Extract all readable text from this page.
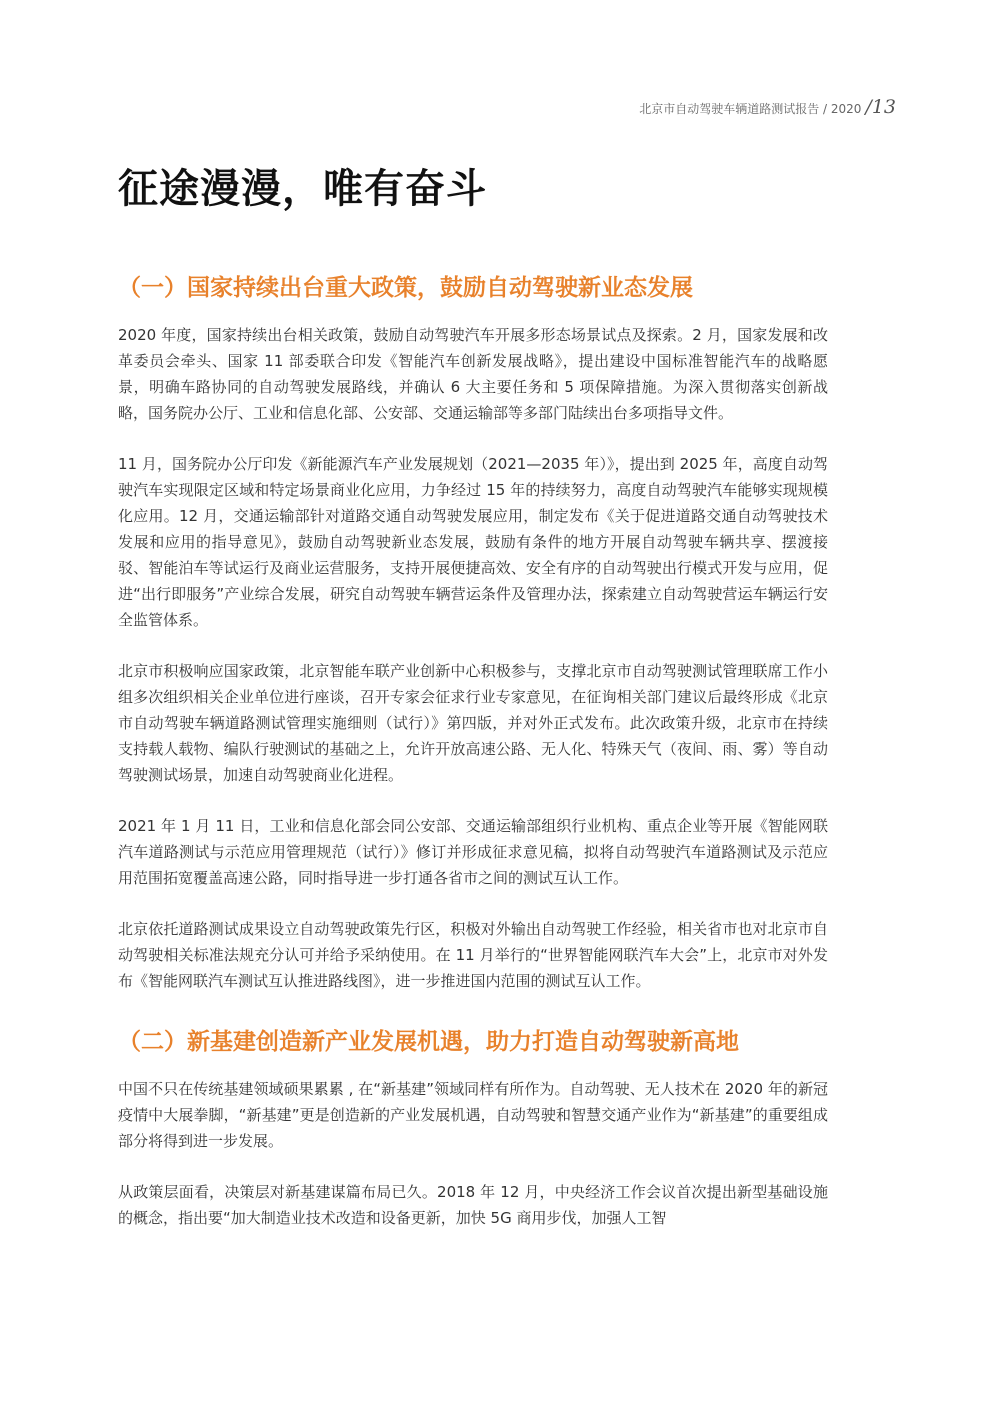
北京市自动驾驶车辆道路测试报告 / 2020 /13
征途漫漫，唯有奋斗
（一）国家持续出台重大政策，鼓励自动驾驶新业态发展

2020 年度，国家持续出台相关政策，鼓励自动驾驶汽车开展多形态场景试点及探索。2 月，国家发展和改革委员会牵头、国家 11 部委联合印发《智能汽车创新发展战略》，提出建设中国标准智能汽车的战略愿景，明确车路协同的自动驾驶发展路线，并确认 6 大主要任务和 5 项保障措施。为深入贯彻落实创新战略，国务院办公厅、工业和信息化部、公安部、交通运输部等多部门陆续出台多项指导文件。

11 月，国务院办公厅印发《新能源汽车产业发展规划（2021—2035 年）》，提出到 2025 年，高度自动驾驶汽车实现限定区域和特定场景商业化应用，力争经过 15 年的持续努力，高度自动驾驶汽车能够实现规模化应用。12 月，交通运输部针对道路交通自动驾驶发展应用，制定发布《关于促进道路交通自动驾驶技术发展和应用的指导意见》，鼓励自动驾驶新业态发展，鼓励有条件的地方开展自动驾驶车辆共享、摆渡接驳、智能泊车等试运行及商业运营服务，支持开展便捷高效、安全有序的自动驾驶出行模式开发与应用，促进“出行即服务”产业综合发展，研究自动驾驶车辆营运条件及管理办法，探索建立自动驾驶营运车辆运行安全监管体系。

北京市积极响应国家政策，北京智能车联产业创新中心积极参与，支撑北京市自动驾驶测试管理联席工作小组多次组织相关企业单位进行座谈，召开专家会征求行业专家意见，在征询相关部门建议后最终形成《北京市自动驾驶车辆道路测试管理实施细则（试行）》第四版，并对外正式发布。此次政策升级，北京市在持续支持载人载物、编队行驶测试的基础之上，允许开放高速公路、无人化、特殊天气（夜间、雨、雾）等自动驾驶测试场景，加速自动驾驶商业化进程。

2021 年 1 月 11 日，工业和信息化部会同公安部、交通运输部组织行业机构、重点企业等开展《智能网联汽车道路测试与示范应用管理规范（试行）》修订并形成征求意见稿，拟将自动驾驶汽车道路测试及示范应用范围拓宽覆盖高速公路，同时指导进一步打通各省市之间的测试互认工作。

北京依托道路测试成果设立自动驾驶政策先行区，积极对外输出自动驾驶工作经验，相关省市也对北京市自动驾驶相关标准法规充分认可并给予采纳使用。在 11 月举行的“世界智能网联汽车大会”上，北京市对外发布《智能网联汽车测试互认推进路线图》，进一步推进国内范围的测试互认工作。

（二）新基建创造新产业发展机遇，助力打造自动驾驶新高地

中国不只在传统基建领域硕果累累 , 在“新基建”领域同样有所作为。自动驾驶、无人技术在 2020 年的新冠疫情中大展拳脚，“新基建”更是创造新的产业发展机遇，自动驾驶和智慧交通产业作为“新基建”的重要组成部分将得到进一步发展。

从政策层面看，决策层对新基建谋篇布局已久。2018 年 12 月，中央经济工作会议首次提出新型基础设施的概念，指出要“加大制造业技术改造和设备更新，加快 5G 商用步伐，加强人工智
